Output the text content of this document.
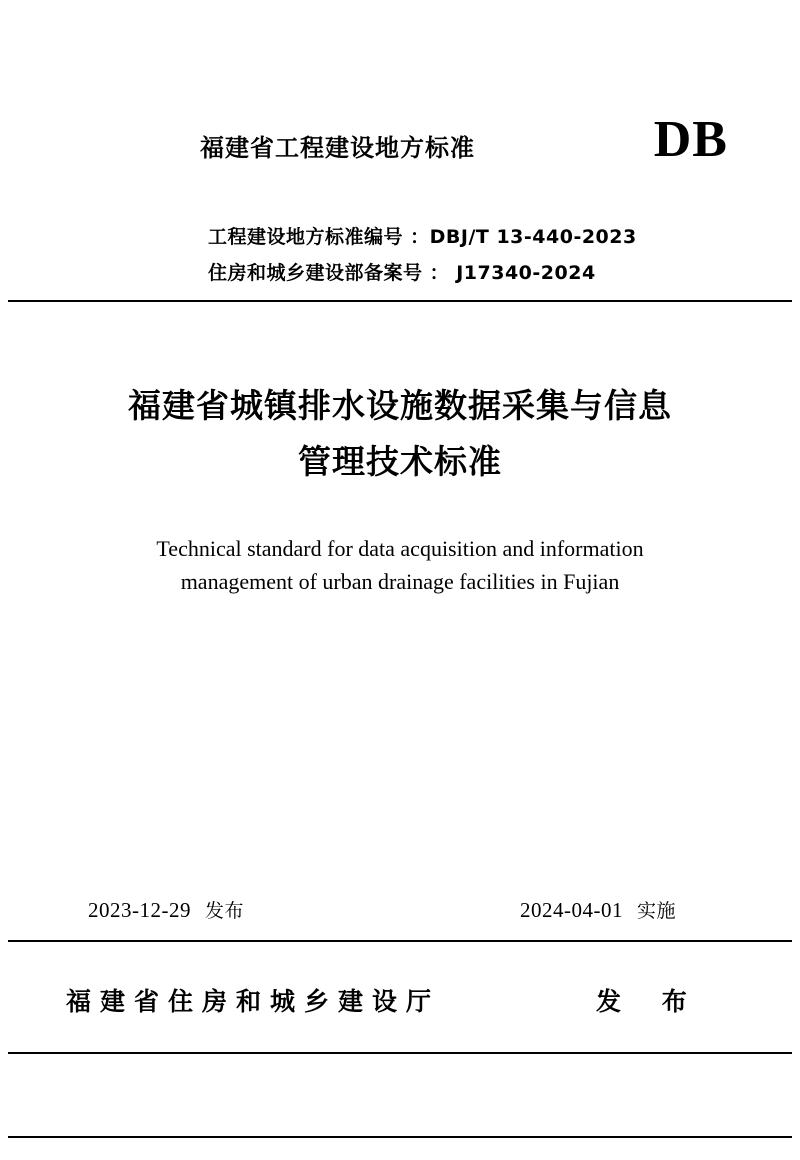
福建省工程建设地方标准	DB
工程建设地方标准编号 ：DBJ/T 13-440-2023
住房和城乡建设部备案号 ： J17340-2024
福建省城镇排水设施数据采集与信息
管理技术标准
Technical standard for data acquisition and information
management of urban drainage facilities in Fujian
2023-12-29 发布	2024-04-01 实施
福建省住房和城乡建设厅	发 布
